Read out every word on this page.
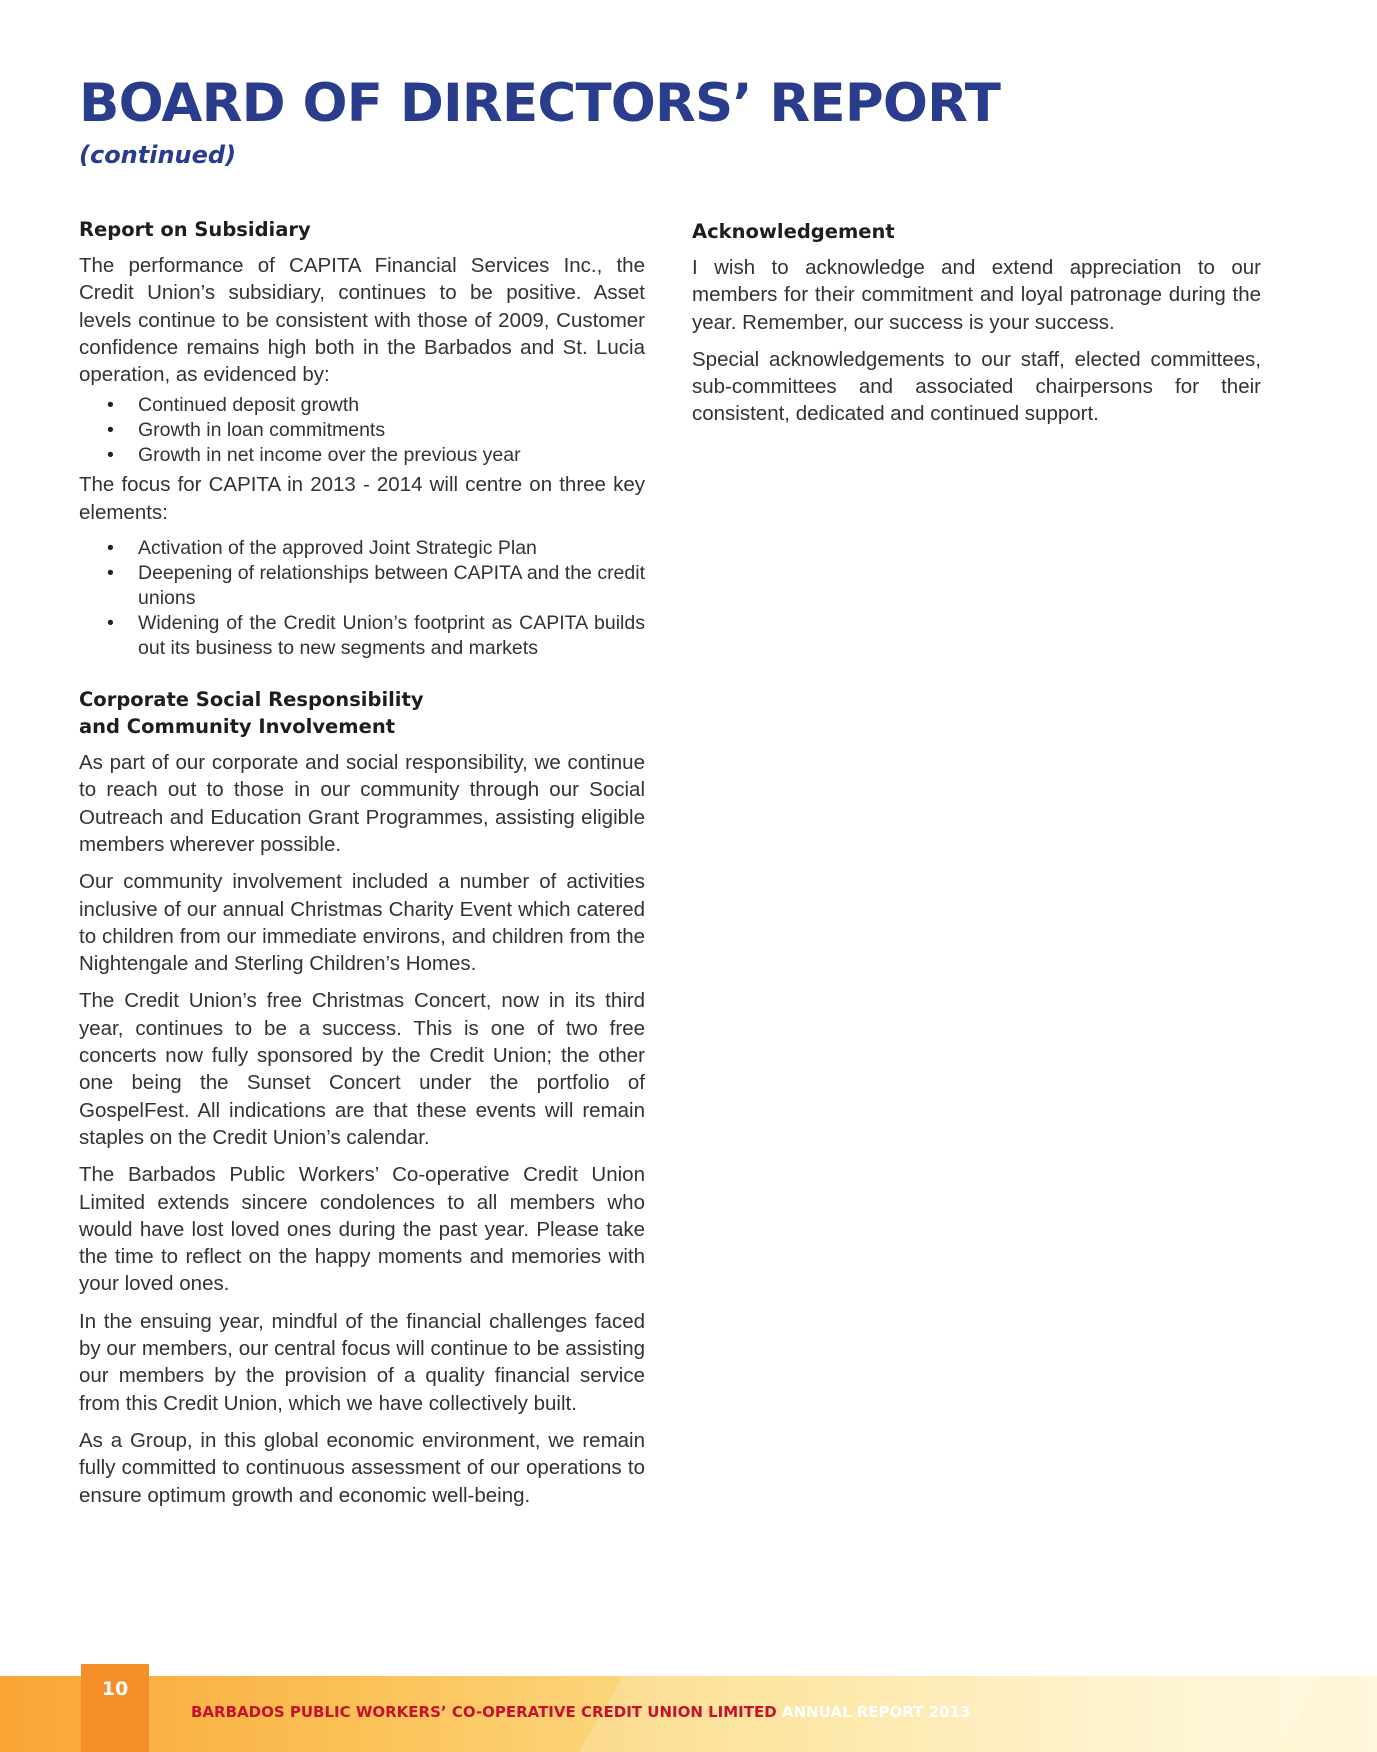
BOARD OF DIRECTORS’ REPORT
(continued)
Report on Subsidiary

The performance of CAPITA Financial Services Inc., the Credit Union’s subsidiary, continues to be positive. Asset levels continue to be consistent with those of 2009, Customer confidence remains high both in the Barbados and St. Lucia operation, as evidenced by:

• Continued deposit growth
• Growth in loan commitments
• Growth in net income over the previous year

The focus for CAPITA in 2013 - 2014 will centre on three key elements:

• Activation of the approved Joint Strategic Plan
• Deepening of relationships between CAPITA and the credit unions
• Widening of the Credit Union’s footprint as CAPITA builds out its business to new segments and markets
Corporate Social Responsibility
and Community Involvement

As part of our corporate and social responsibility, we continue to reach out to those in our community through our Social Outreach and Education Grant Programmes, assisting eligible members wherever possible.

Our community involvement included a number of activities inclusive of our annual Christmas Charity Event which catered to children from our immediate environs, and children from the Nightengale and Sterling Children’s Homes.

The Credit Union’s free Christmas Concert, now in its third year, continues to be a success. This is one of two free concerts now fully sponsored by the Credit Union; the other one being the Sunset Concert under the portfolio of GospelFest. All indications are that these events will remain staples on the Credit Union’s calendar.

The Barbados Public Workers’ Co-operative Credit Union Limited extends sincere condolences to all members who would have lost loved ones during the past year. Please take the time to reflect on the happy moments and memories with your loved ones.

In the ensuing year, mindful of the financial challenges faced by our members, our central focus will continue to be assisting our members by the provision of a quality financial service from this Credit Union, which we have collectively built.

As a Group, in this global economic environment, we remain fully committed to continuous assessment of our operations to ensure optimum growth and economic well-being.

Acknowledgement

I wish to acknowledge and extend appreciation to our members for their commitment and loyal patronage during the year. Remember, our success is your success.

Special acknowledgements to our staff, elected committees, sub-committees and associated chairpersons for their consistent, dedicated and continued support.

10
BARBADOS PUBLIC WORKERS’ CO-OPERATIVE CREDIT UNION LIMITED ANNUAL REPORT 2013
